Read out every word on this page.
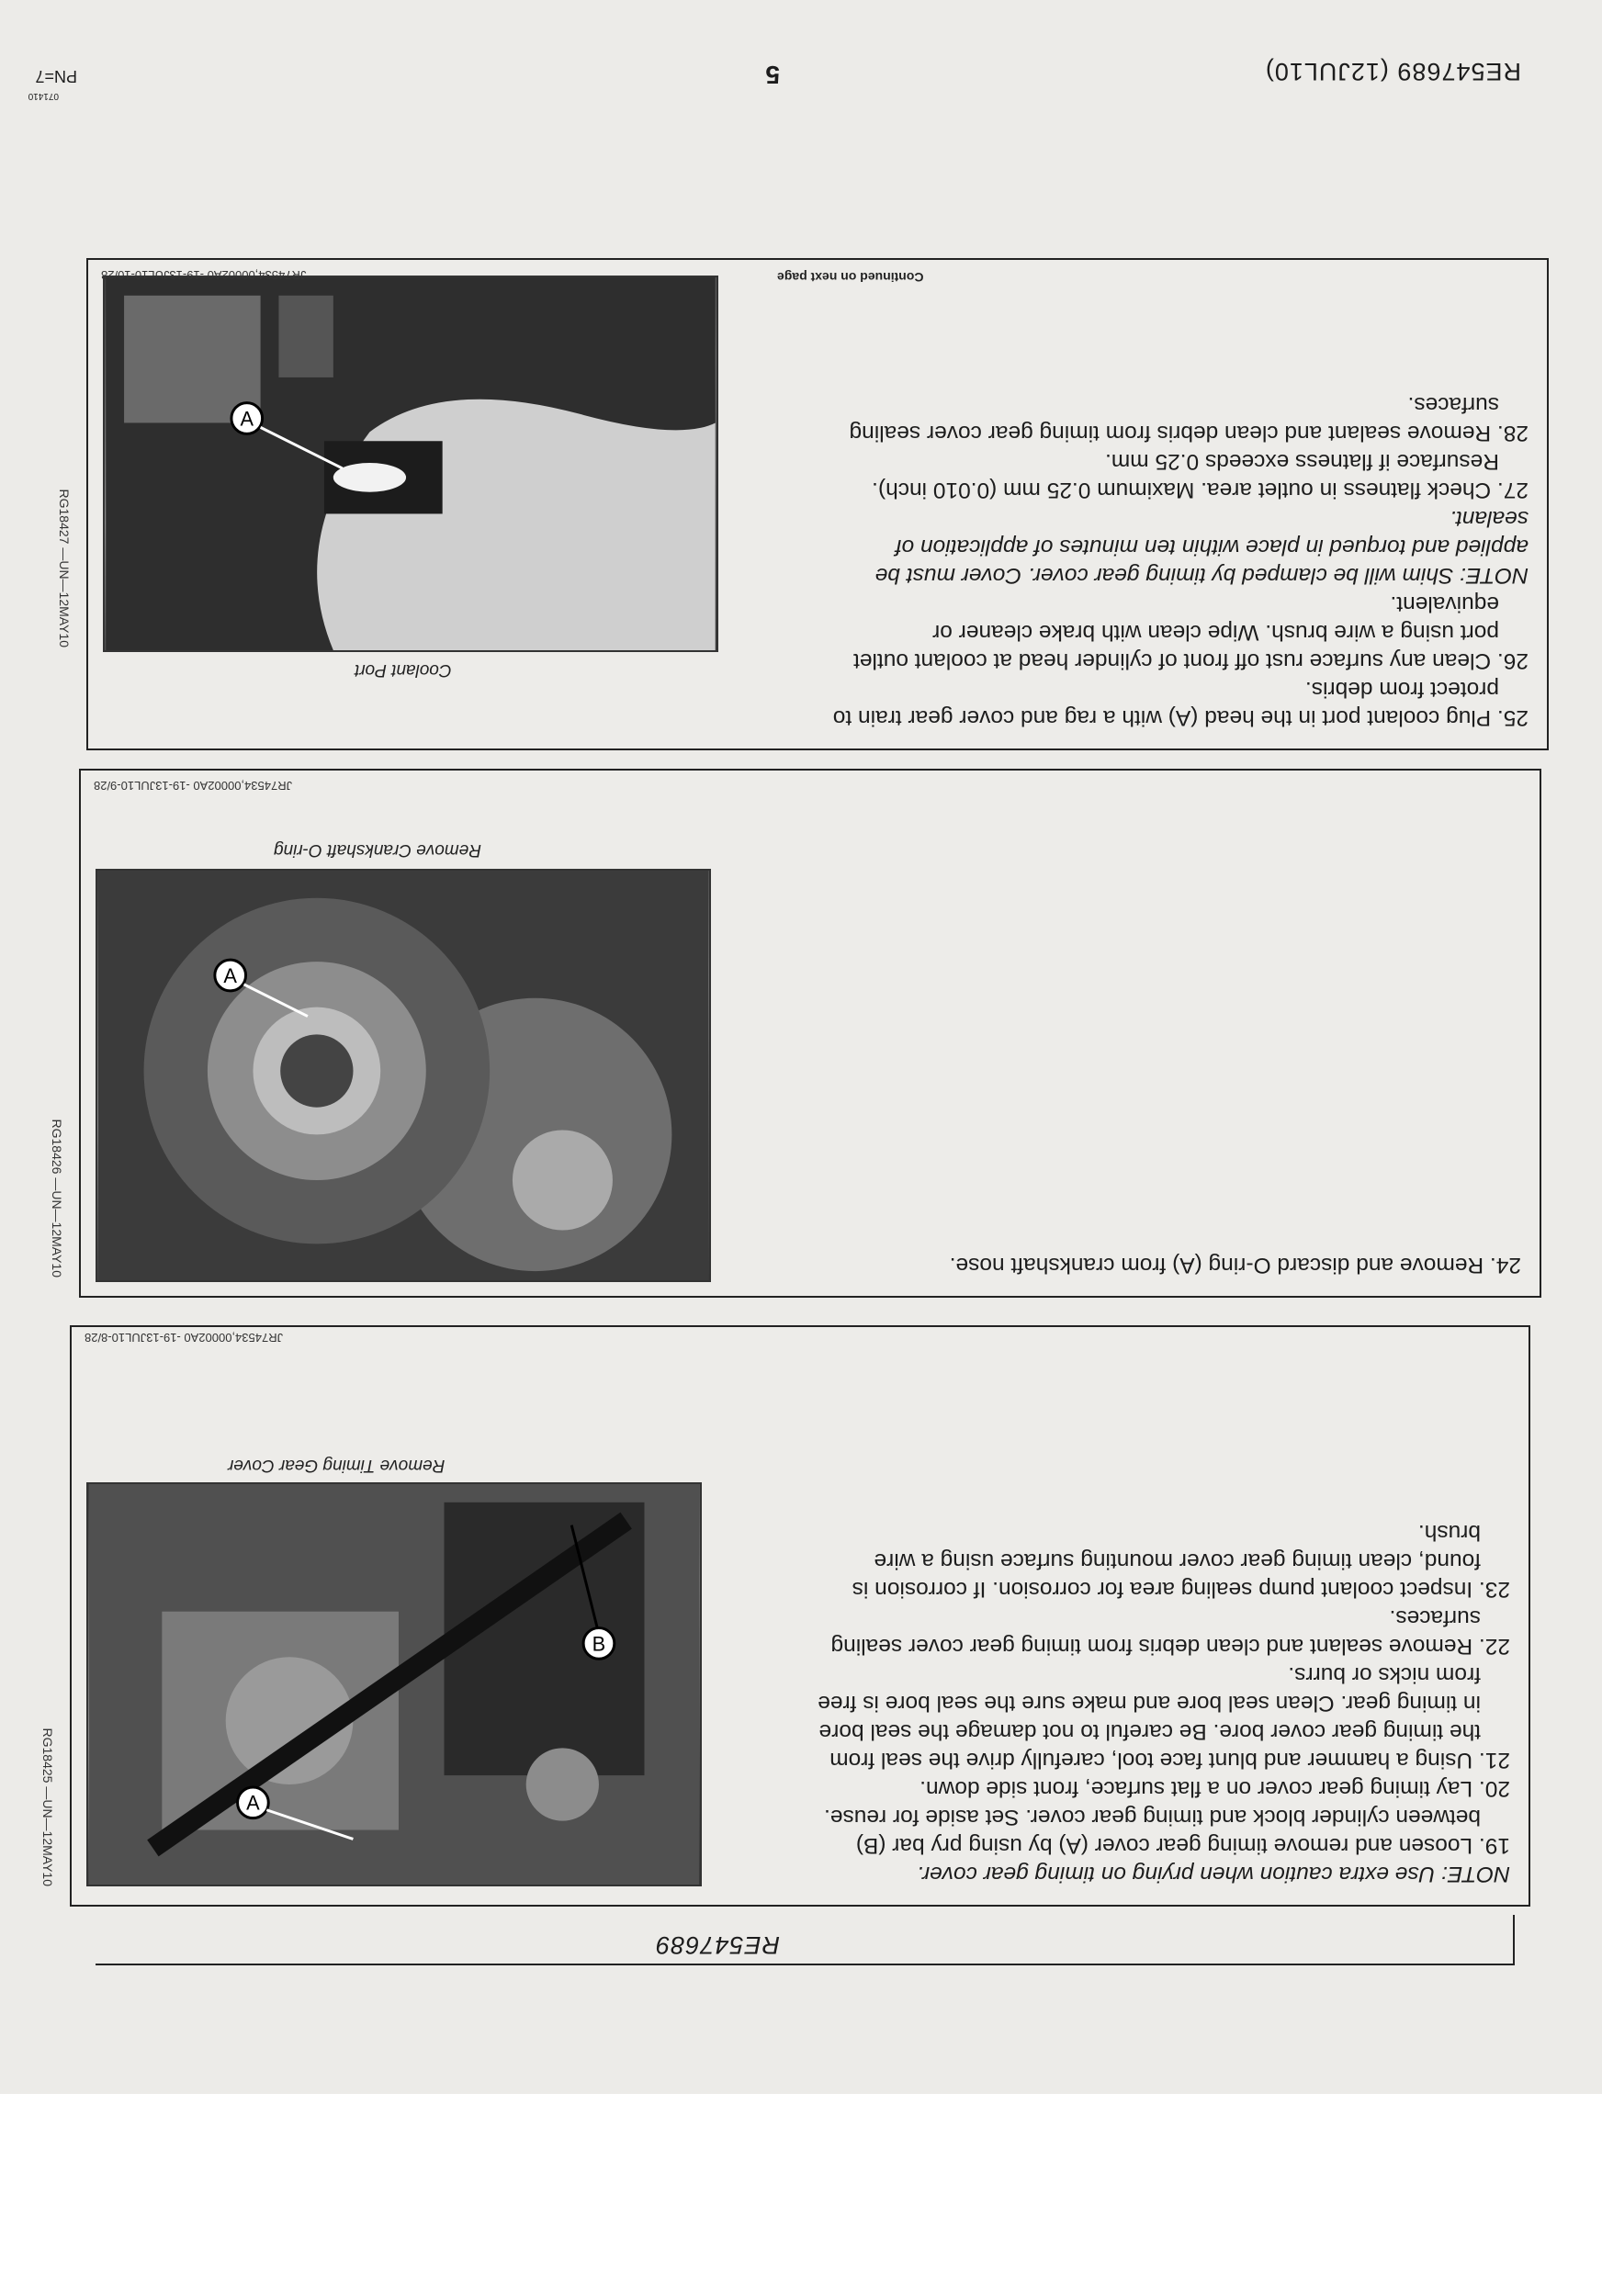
RE547689

NOTE: Use extra caution when prying on timing gear cover.

19. Loosen and remove timing gear cover (A) by using pry bar (B) between cylinder block and timing gear cover. Set aside for reuse.

20. Lay timing gear cover on a flat surface, front side down.

21. Using a hammer and blunt face tool, carefully drive the seal from the timing gear cover bore. Be careful to not damage the seal bore in timing gear. Clean seal bore and make sure the seal bore is free from nicks or burrs.

22. Remove sealant and clean debris from timing gear cover sealing surfaces.

23. Inspect coolant pump sealing area for corrosion. If corrosion is found, clean timing gear cover mounting surface using a wire brush.

A
B
RG18425 —UN—12MAY10
Remove Timing Gear Cover
JR74534,00002A0 -19-13JUL10-8/28

24. Remove and discard O-ring (A) from crankshaft nose.

A
RG18426 —UN—12MAY10
Remove Crankshaft O-ring
JR74534,00002A0 -19-13JUL10-9/28

25. Plug coolant port in the head (A) with a rag and cover gear train to protect from debris.

26. Clean any surface rust off front of cylinder head at coolant outlet port using a wire brush. Wipe clean with brake cleaner or equivalent.

NOTE: Shim will be clamped by timing gear cover. Cover must be applied and torqued in place within ten minutes of application of sealant.

27. Check flatness in outlet area. Maximum 0.25 mm (0.010 inch). Resurface if flatness exceeds 0.25 mm.

28. Remove sealant and clean debris from timing gear cover sealing surfaces.

Coolant Port
A
RG18427 —UN—12MAY10
Continued on next page
JR74534,00002A0 -19-13JUL10-10/28
RE547689 (12JUL10)
5
071410
PN=7
